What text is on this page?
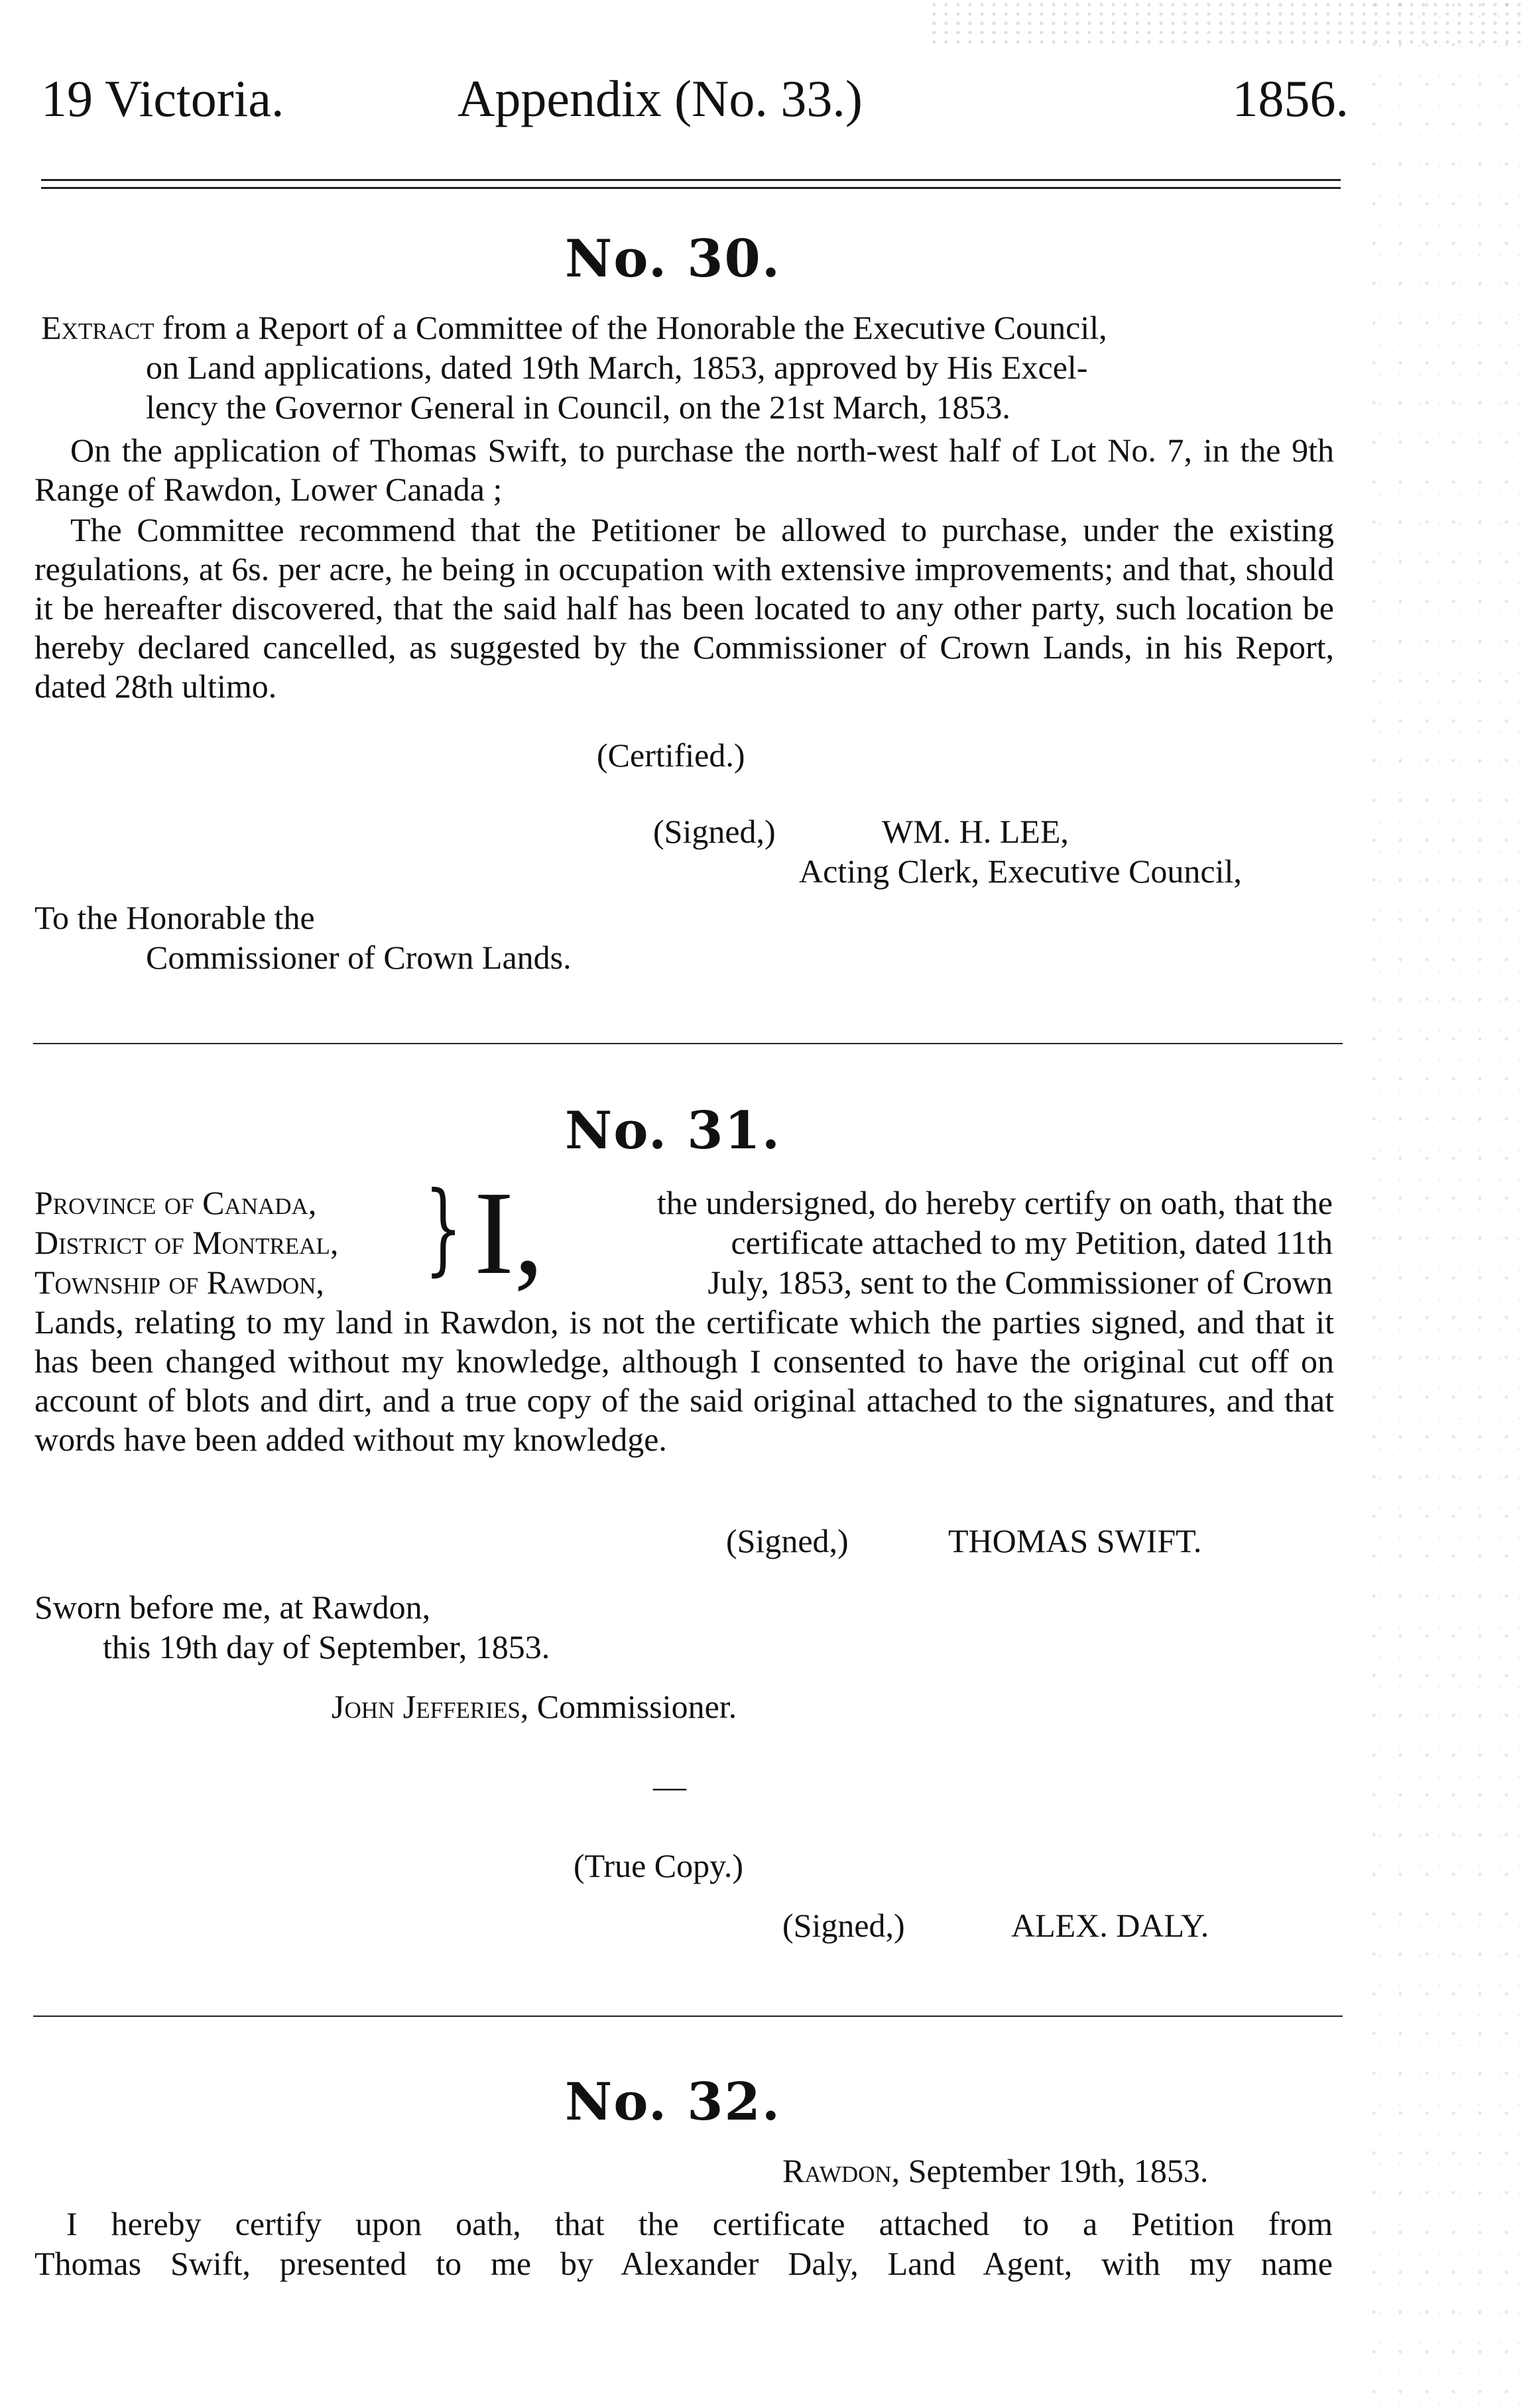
19 Victoria.	Appendix (No. 33.)	1856.
No. 30.
Extract from a Report of a Committee of the Honorable the Executive Council,
on Land applications, dated 19th March, 1853, approved by His Excel-
lency the Governor General in Council, on the 21st March, 1853.
On the application of Thomas Swift, to purchase the north-west half of Lot No. 7, in the 9th Range of Rawdon, Lower Canada ;
The Committee recommend that the Petitioner be allowed to purchase, under the existing regulations, at 6s. per acre, he being in occupation with extensive improvements; and that, should it be hereafter discovered, that the said half has been located to any other party, such location be hereby declared cancelled, as suggested by the Commissioner of Crown Lands, in his Report, dated 28th ultimo.
(Certified.)
(Signed,)	WM. H. LEE,
Acting Clerk, Executive Council,
To the Honorable the
Commissioner of Crown Lands.
No. 31.
Province of Canada,
District of Montreal,
Township of Rawdon, } I,	the undersigned, do hereby certify on oath, that the
certificate attached to my Petition, dated 11th
July, 1853, sent to the Commissioner of Crown
Lands, relating to my land in Rawdon, is not the certificate which the parties signed, and that it has been changed without my knowledge, although I consented to have the original cut off on account of blots and dirt, and a true copy of the said original attached to the signatures, and that words have been added without my knowledge.
(Signed,)	THOMAS SWIFT.
Sworn before me, at Rawdon,
this 19th day of September, 1853.
John Jefferies, Commissioner.
—
(True Copy.)
(Signed,)	ALEX. DALY.
No. 32.
Rawdon, September 19th, 1853.
I hereby certify upon oath, that the certificate attached to a Petition from
Thomas Swift, presented to me by Alexander Daly, Land Agent, with my name
